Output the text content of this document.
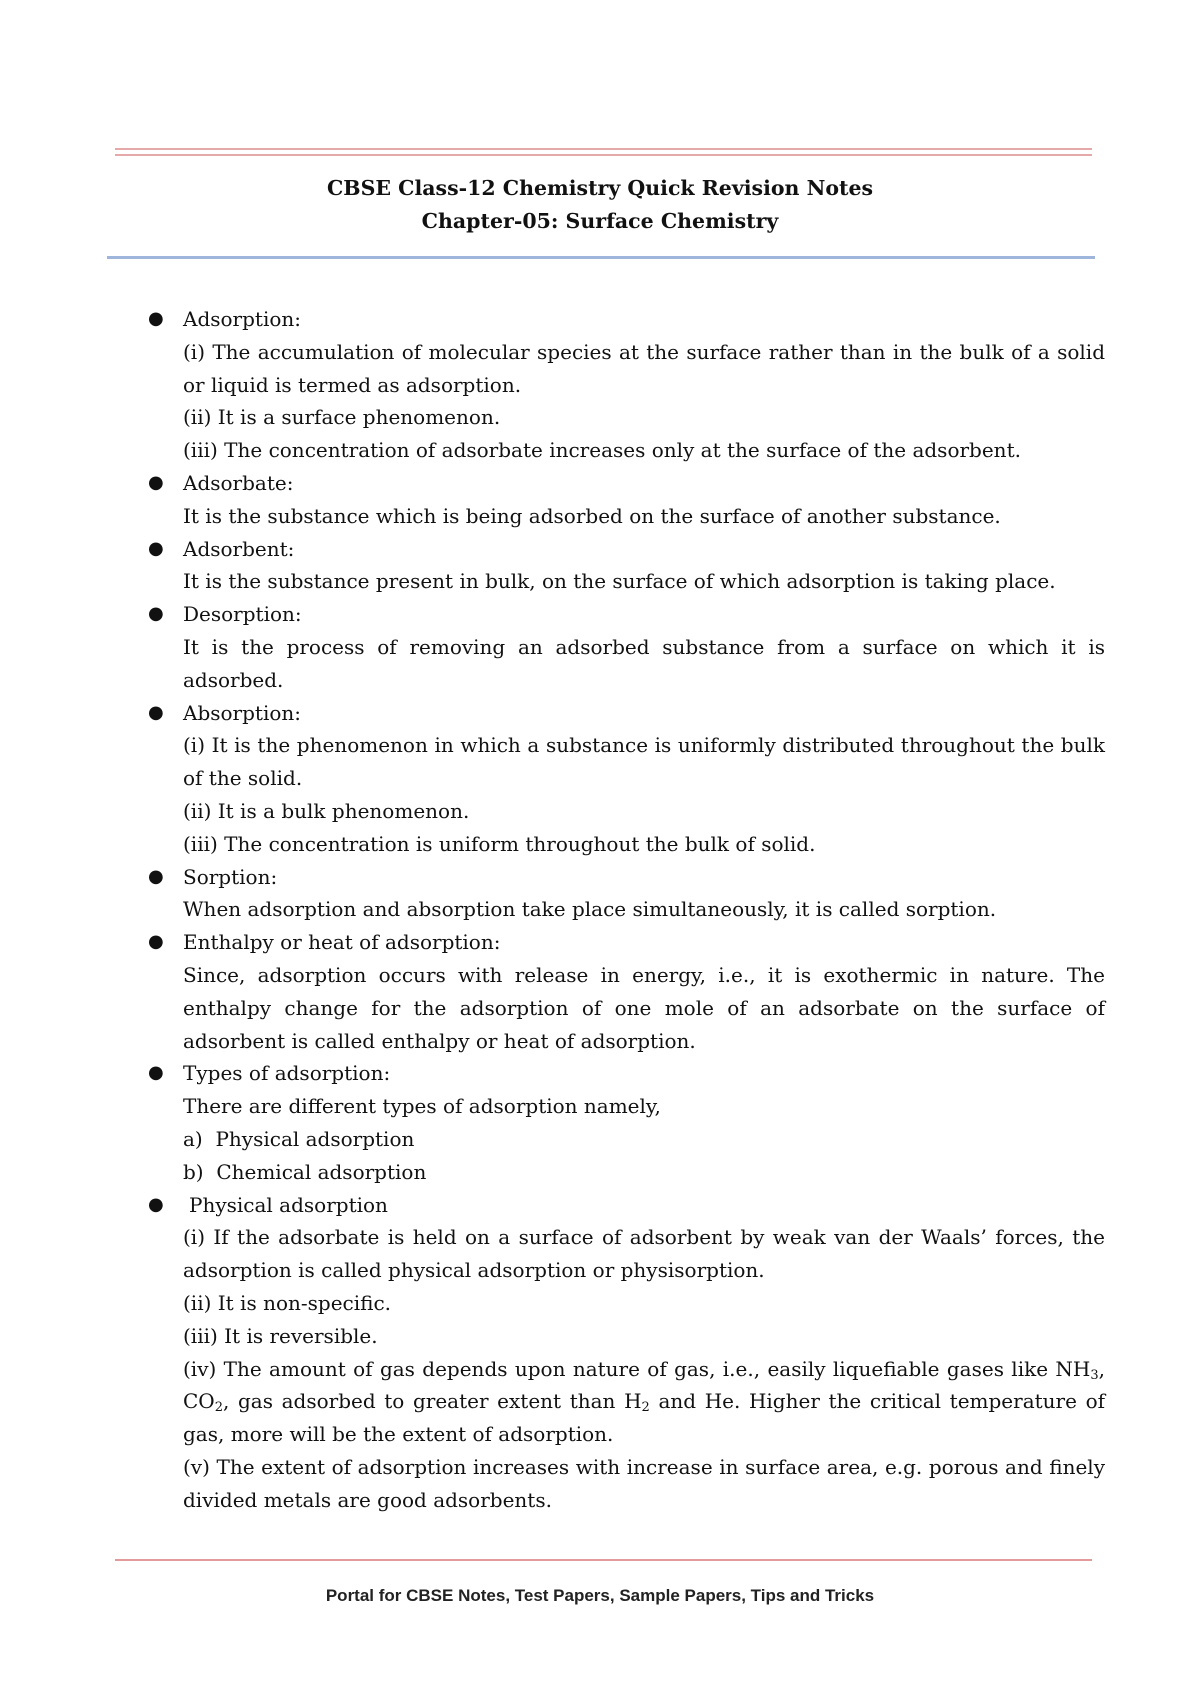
CBSE Class-12 Chemistry Quick Revision Notes
Chapter-05: Surface Chemistry
● Adsorption:
(i) The accumulation of molecular species at the surface rather than in the bulk of a solid or liquid is termed as adsorption.
(ii) It is a surface phenomenon.
(iii) The concentration of adsorbate increases only at the surface of the adsorbent.
● Adsorbate:
It is the substance which is being adsorbed on the surface of another substance.
● Adsorbent:
It is the substance present in bulk, on the surface of which adsorption is taking place.
● Desorption:
It is the process of removing an adsorbed substance from a surface on which it is adsorbed.
● Absorption:
(i) It is the phenomenon in which a substance is uniformly distributed throughout the bulk of the solid.
(ii) It is a bulk phenomenon.
(iii) The concentration is uniform throughout the bulk of solid.
● Sorption:
When adsorption and absorption take place simultaneously, it is called sorption.
● Enthalpy or heat of adsorption:
Since, adsorption occurs with release in energy, i.e., it is exothermic in nature. The enthalpy change for the adsorption of one mole of an adsorbate on the surface of adsorbent is called enthalpy or heat of adsorption.
● Types of adsorption:
There are different types of adsorption namely,
a)  Physical adsorption
b)  Chemical adsorption
●	Physical adsorption
(i) If the adsorbate is held on a surface of adsorbent by weak van der Waals’ forces, the adsorption is called physical adsorption or physisorption.
(ii) It is non-specific.
(iii) It is reversible.
(iv) The amount of gas depends upon nature of gas, i.e., easily liquefiable gases like $NH_3$, $CO_2$, gas adsorbed to greater extent than $H_2$ and He. Higher the critical temperature of gas, more will be the extent of adsorption.
(v) The extent of adsorption increases with increase in surface area, e.g. porous and finely divided metals are good adsorbents.
Portal for CBSE Notes, Test Papers, Sample Papers, Tips and Tricks
